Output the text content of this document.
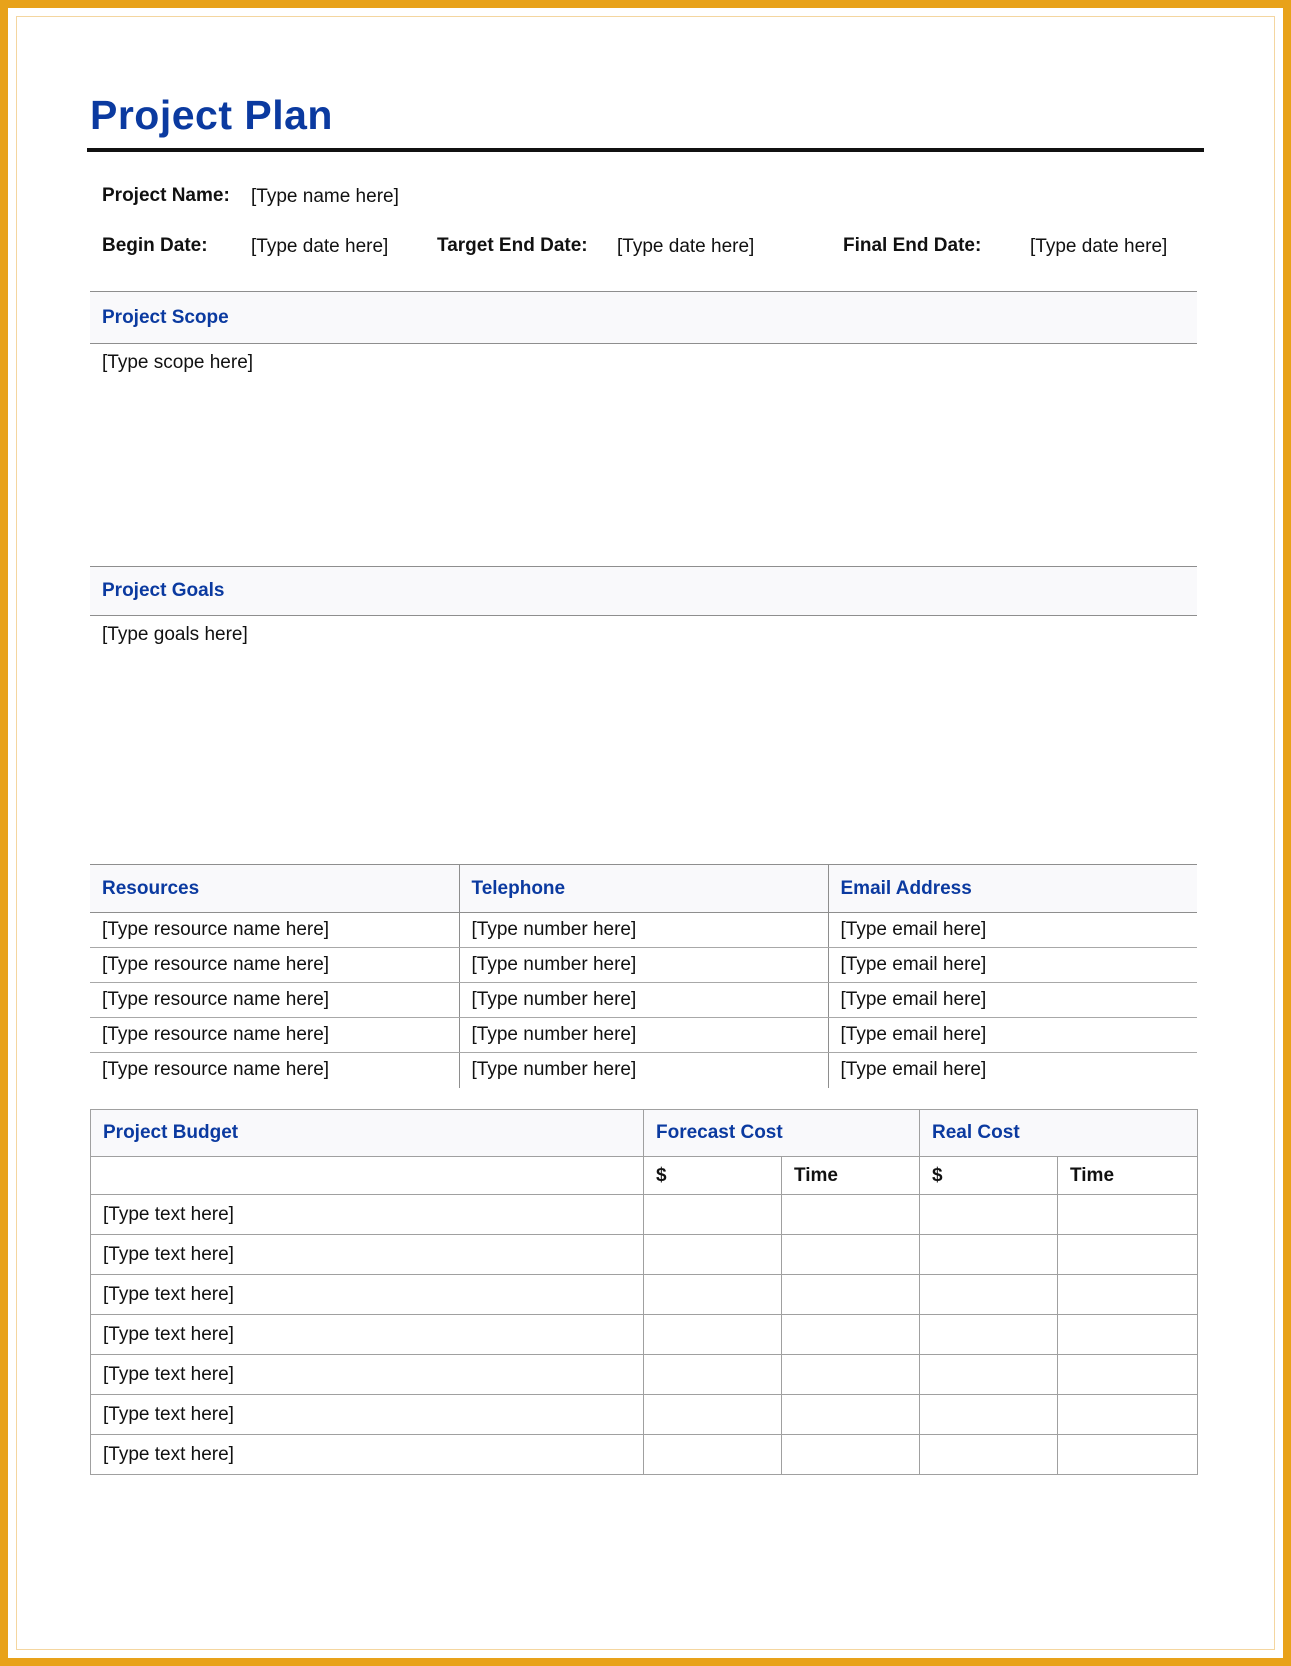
Project Plan
Project Name: [Type name here]
Begin Date: [Type date here]	Target End Date: [Type date here]	Final End Date:	[Type date here]
Project Scope
[Type scope here]
Project Goals
[Type goals here]
Resources	Telephone	Email Address
[Type resource name here]	[Type number here]	[Type email here]
[Type resource name here]	[Type number here]	[Type email here]
[Type resource name here]	[Type number here]	[Type email here]
[Type resource name here]	[Type number here]	[Type email here]
[Type resource name here]	[Type number here]	[Type email here]
Project Budget	Forecast Cost		Real Cost	
	$	Time	$	Time
[Type text here]				
[Type text here]				
[Type text here]				
[Type text here]				
[Type text here]				
[Type text here]				
[Type text here]				
